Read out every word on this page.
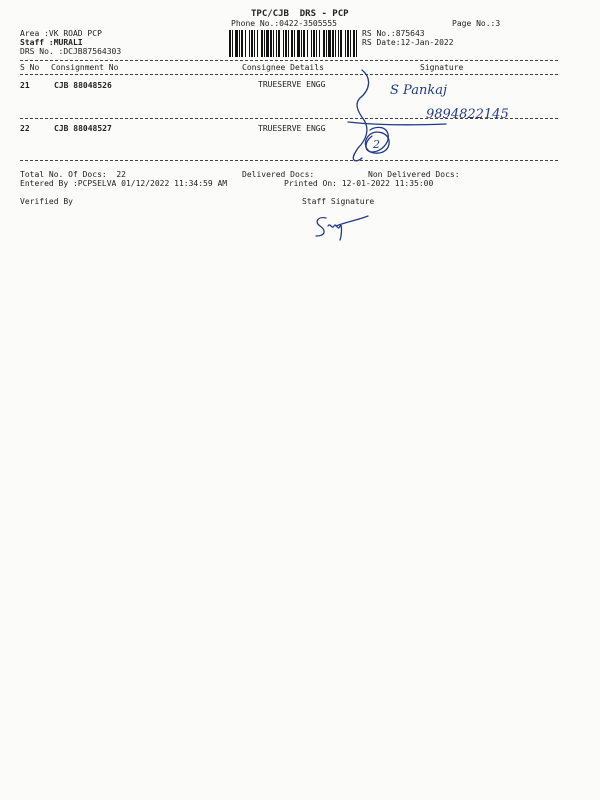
TPC/CJB  DRS - PCP
Phone No.:0422-3505555	Page No.:3
Area :VK ROAD PCP
Staff :MURALI
DRS No. :DCJB87564303
RS No.:875643
RS Date:12-Jan-2022
S No Consignment No	Consignee Details	Signature
21	CJB 88048526	TRUESERVE ENGG
22	CJB 88048527	TRUESERVE ENGG
S Pankaj
9894822145
2
Total No. Of Docs:  22	Delivered Docs:	Non Delivered Docs:
Entered By :PCPSELVA 01/12/2022 11:34:59 AM	Printed On: 12-01-2022 11:35:00
Verified By	Staff Signature
